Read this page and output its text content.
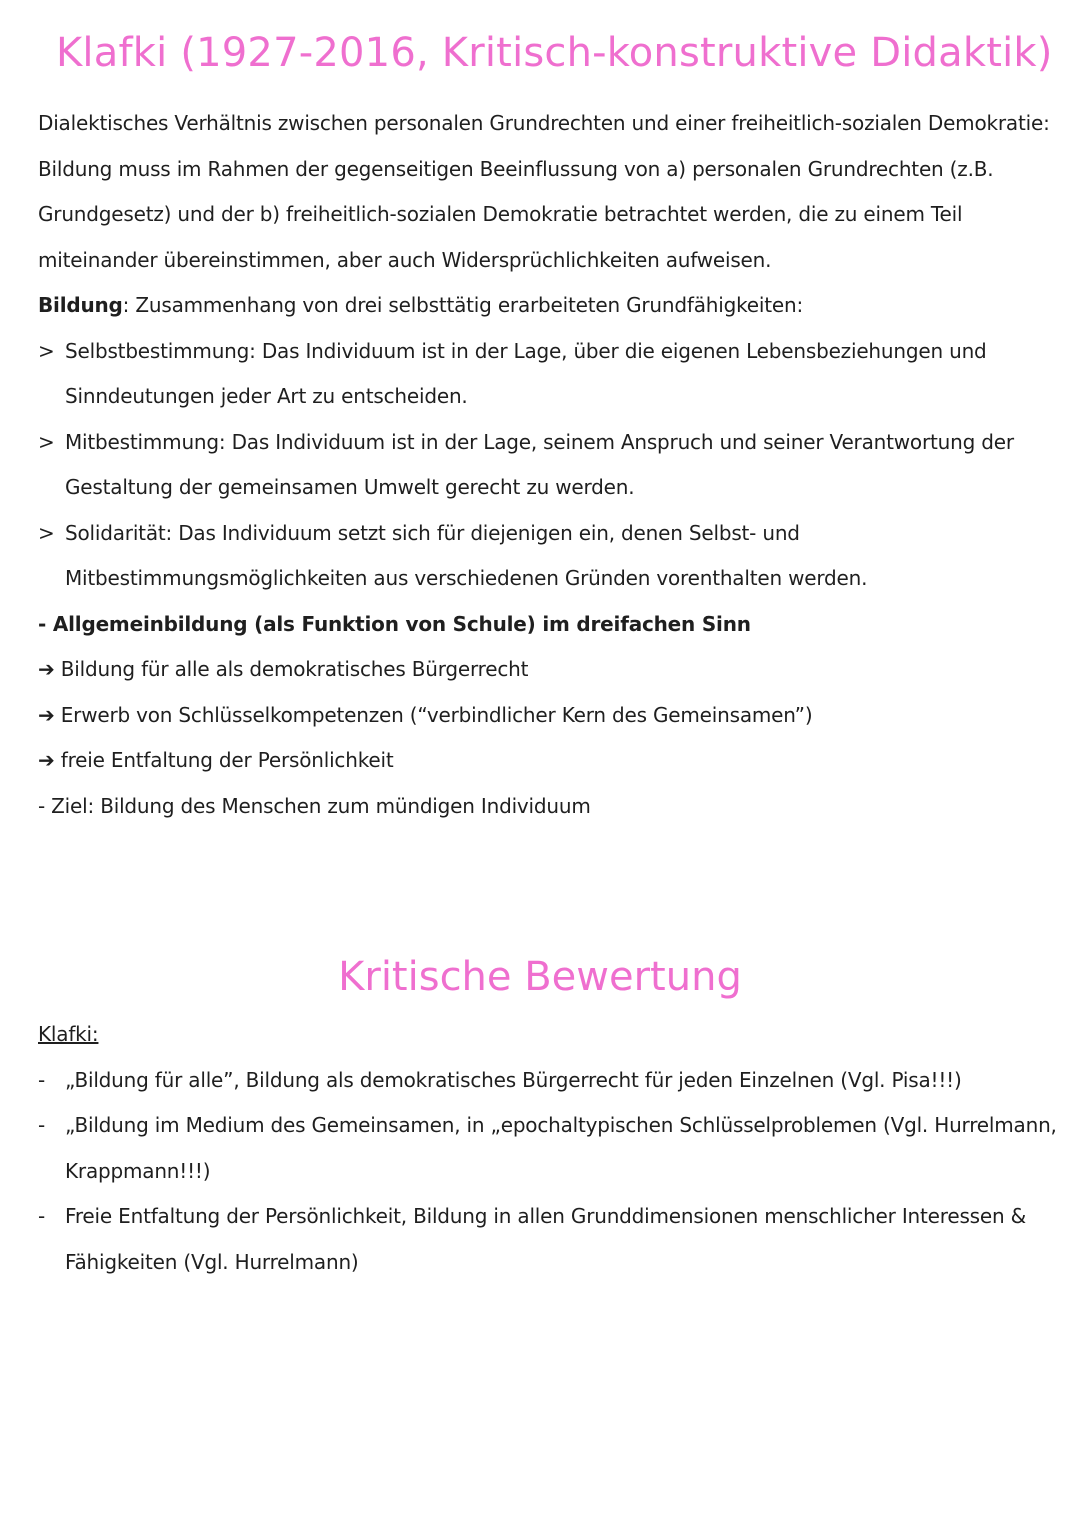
Klafki (1927-2016, Kritisch-konstruktive Didaktik)

Dialektisches Verhältnis zwischen personalen Grundrechten und einer freiheitlich-sozialen Demokratie: Bildung muss im Rahmen der gegenseitigen Beeinflussung von a) personalen Grundrechten (z.B. Grundgesetz) und der b) freiheitlich-sozialen Demokratie betrachtet werden, die zu einem Teil miteinander übereinstimmen, aber auch Widersprüchlichkeiten aufweisen.

Bildung: Zusammenhang von drei selbsttätig erarbeiteten Grundfähigkeiten:

> Selbstbestimmung: Das Individuum ist in der Lage, über die eigenen Lebensbeziehungen und Sinndeutungen jeder Art zu entscheiden.

> Mitbestimmung: Das Individuum ist in der Lage, seinem Anspruch und seiner Verantwortung der Gestaltung der gemeinsamen Umwelt gerecht zu werden.

> Solidarität: Das Individuum setzt sich für diejenigen ein, denen Selbst- und Mitbestimmungsmöglichkeiten aus verschiedenen Gründen vorenthalten werden.

- Allgemeinbildung (als Funktion von Schule) im dreifachen Sinn

➔ Bildung für alle als demokratisches Bürgerrecht

➔ Erwerb von Schlüsselkompetenzen (“verbindlicher Kern des Gemeinsamen”)

➔ freie Entfaltung der Persönlichkeit

- Ziel: Bildung des Menschen zum mündigen Individuum

Kritische Bewertung

Klafki:

- „Bildung für alle”, Bildung als demokratisches Bürgerrecht für jeden Einzelnen (Vgl. Pisa!!!)

- „Bildung im Medium des Gemeinsamen, in „epochaltypischen Schlüsselproblemen (Vgl. Hurrelmann, Krappmann!!!)

- Freie Entfaltung der Persönlichkeit, Bildung in allen Grunddimensionen menschlicher Interessen & Fähigkeiten (Vgl. Hurrelmann)
